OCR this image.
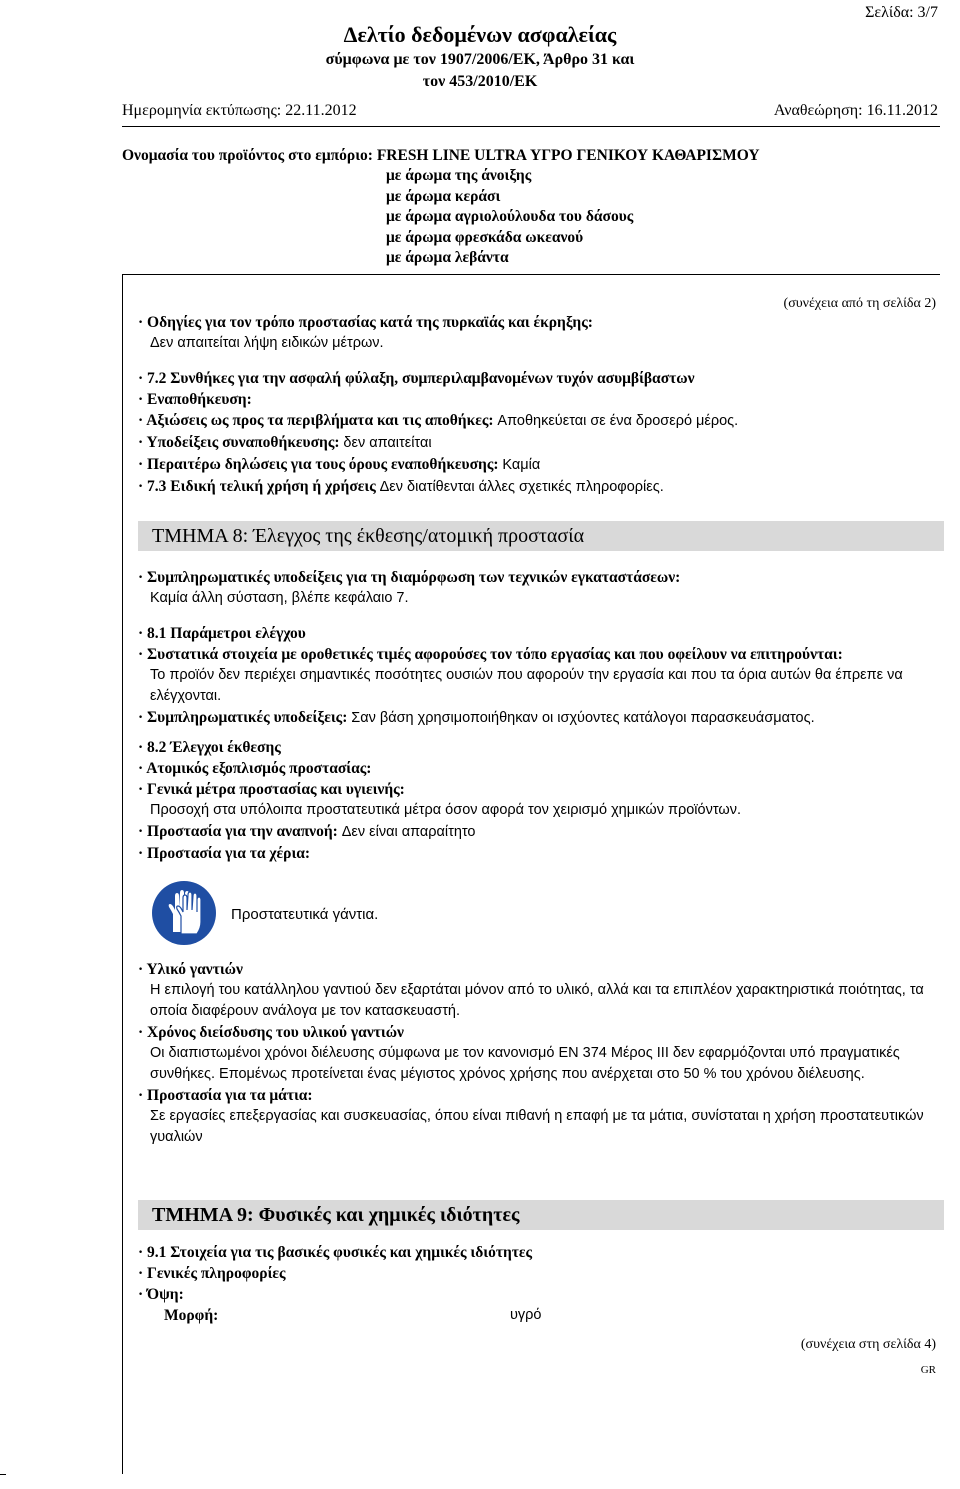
Σελίδα: 3/7
Δελτίο δεδομένων ασφαλείας
σύμφωνα με τον 1907/2006/ΕΚ, Άρθρο 31 και
τον 453/2010/ΕΚ
Ημερομηνία εκτύπωσης: 22.11.2012	Αναθεώρηση: 16.11.2012
Ονομασία του προϊόντος στο εμπόριο: FRESH LINE ULTRA ΥΓΡΟ ΓΕΝΙΚΟΥ ΚΑΘΑΡΙΣΜΟΥ
με άρωμα της άνοιξης
με άρωμα κεράσι
με άρωμα αγριολούλουδα του δάσους
με άρωμα φρεσκάδα ωκεανού
με άρωμα λεβάντα
(συνέχεια από τη σελίδα 2)
· Οδηγίες για τον τρόπο προστασίας κατά της πυρκαϊάς και έκρηξης:
Δεν απαιτείται λήψη ειδικών μέτρων.
· 7.2 Συνθήκες για την ασφαλή φύλαξη, συμπεριλαμβανομένων τυχόν ασυμβίβαστων
· Εναποθήκευση:
· Αξιώσεις ως προς τα περιβλήματα και τις αποθήκες: Αποθηκεύεται σε ένα δροσερό μέρος.
· Υποδείξεις συναποθήκευσης: δεν απαιτείται
· Περαιτέρω δηλώσεις για τους όρους εναποθήκευσης: Καμία
· 7.3 Ειδική τελική χρήση ή χρήσεις Δεν διατίθενται άλλες σχετικές πληροφορίες.
ΤΜΗΜΑ 8: Έλεγχος της έκθεσης/ατομική προστασία
· Συμπληρωματικές υποδείξεις για τη διαμόρφωση των τεχνικών εγκαταστάσεων:
Καμία άλλη σύσταση, βλέπε κεφάλαιο 7.
· 8.1 Παράμετροι ελέγχου
· Συστατικά στοιχεία με οροθετικές τιμές αφορούσες τον τόπο εργασίας και που οφείλουν να επιτηρούνται:
Το προϊόν δεν περιέχει σημαντικές ποσότητες ουσιών που αφορούν την εργασία και που τα όρια αυτών θα έπρεπε να ελέγχονται.
· Συμπληρωματικές υποδείξεις: Σαν βάση χρησιμοποιήθηκαν οι ισχύοντες κατάλογοι παρασκευάσματος.
· 8.2 Έλεγχοι έκθεσης
· Ατομικός εξοπλισμός προστασίας:
· Γενικά μέτρα προστασίας και υγιεινής:
Προσοχή στα υπόλοιπα προστατευτικά μέτρα όσον αφορά τον χειρισμό χημικών προϊόντων.
· Προστασία για την αναπνοή: Δεν είναι απαραίτητο
· Προστασία για τα χέρια:
Προστατευτικά γάντια.
· Υλικό γαντιών
Η επιλογή του κατάλληλου γαντιού δεν εξαρτάται μόνον από το υλικό, αλλά και τα επιπλέον χαρακτηριστικά ποιότητας, τα οποία διαφέρουν ανάλογα με τον κατασκευαστή.
· Χρόνος διείσδυσης του υλικού γαντιών
Οι διαπιστωμένοι χρόνοι διέλευσης σύμφωνα με τον κανονισμό EN 374 Μέρος III δεν εφαρμόζονται υπό πραγματικές συνθήκες. Επομένως προτείνεται ένας μέγιστος χρόνος χρήσης που ανέρχεται στο 50 % του χρόνου διέλευσης.
· Προστασία για τα μάτια:
Σε εργασίες επεξεργασίας και συσκευασίας, όπου είναι πιθανή η επαφή με τα μάτια, συνίσταται η χρήση προστατευτικών γυαλιών
ΤΜΗΜΑ 9: Φυσικές και χημικές ιδιότητες
· 9.1 Στοιχεία για τις βασικές φυσικές και χημικές ιδιότητες
· Γενικές πληροφορίες
· Όψη:
Μορφή:	υγρό
(συνέχεια στη σελίδα 4)
GR
